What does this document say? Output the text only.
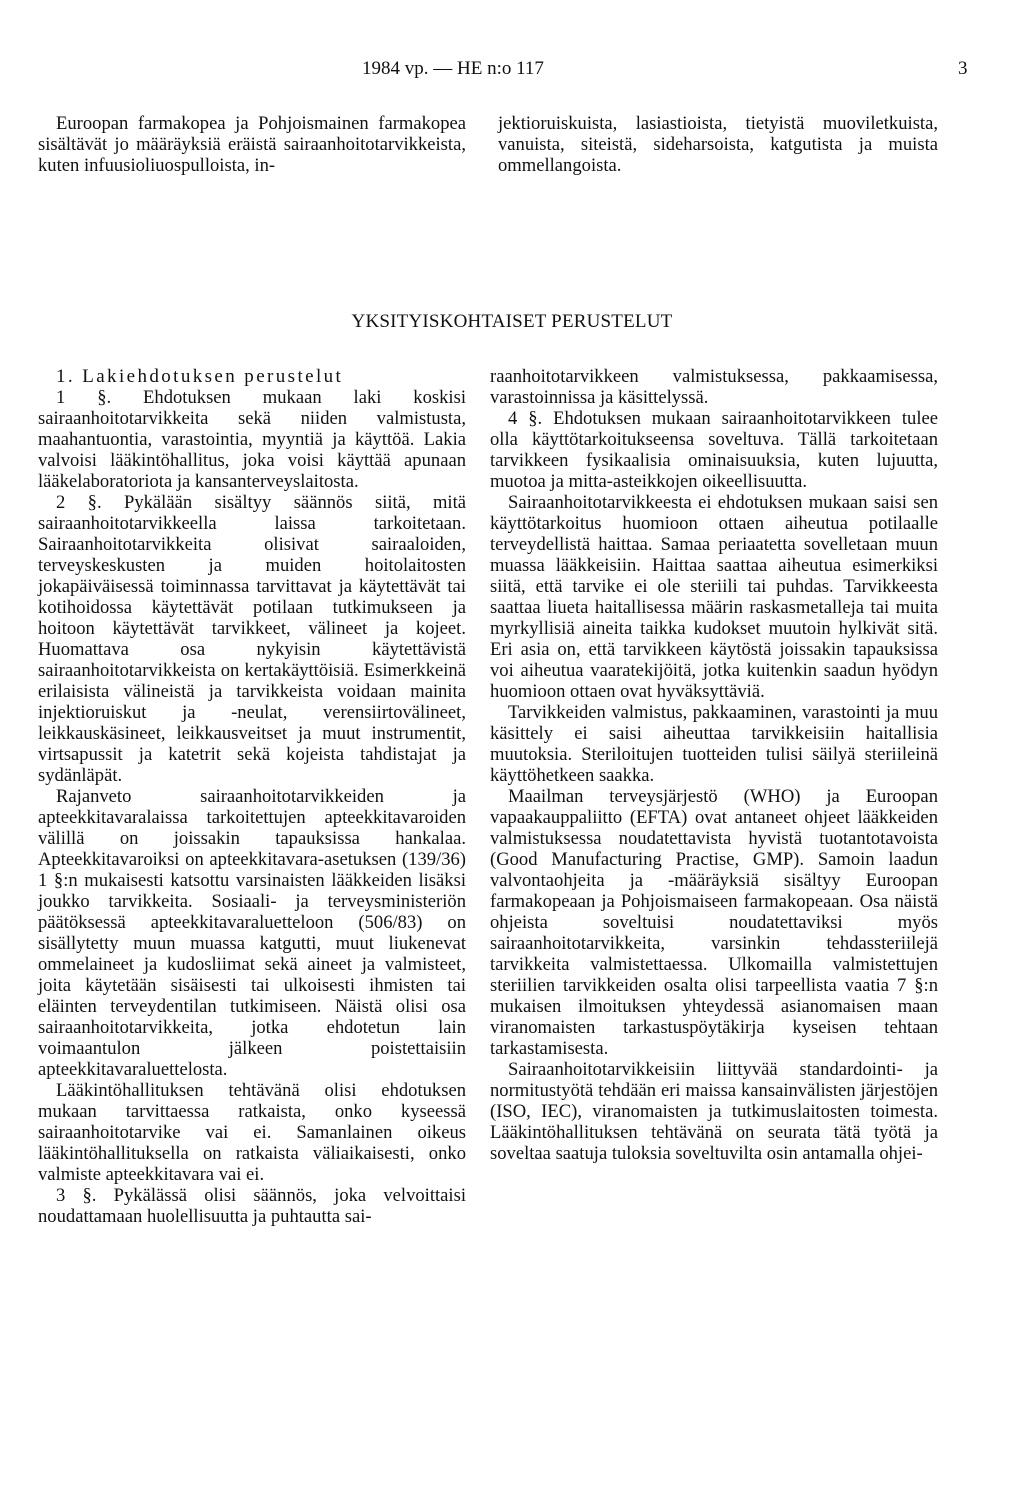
1984 vp. — HE n:o 117	3

Euroopan farmakopea ja Pohjoismainen farmakopea sisältävät jo määräyksiä eräistä sairaanhoitotarvikkeista, kuten infuusioliuospulloista, in-

jektioruiskuista, lasiastioista, tietyistä muoviletkuista, vanuista, siteistä, sideharsoista, katgutista ja muista ommellangoista.

YKSITYISKOHTAISET PERUSTELUT

1. Lakiehdotuksen perustelut

1 §. Ehdotuksen mukaan laki koskisi sairaanhoitotarvikkeita sekä niiden valmistusta, maahantuontia, varastointia, myyntiä ja käyttöä. Lakia valvoisi lääkintöhallitus, joka voisi käyttää apunaan lääkelaboratoriota ja kansanterveyslaitosta.

2 §. Pykälään sisältyy säännös siitä, mitä sairaanhoitotarvikkeella laissa tarkoitetaan. Sairaanhoitotarvikkeita olisivat sairaaloiden, terveyskeskusten ja muiden hoitolaitosten jokapäiväisessä toiminnassa tarvittavat ja käytettävät tai kotihoidossa käytettävät potilaan tutkimukseen ja hoitoon käytettävät tarvikkeet, välineet ja kojeet. Huomattava osa nykyisin käytettävistä sairaanhoitotarvikkeista on kertakäyttöisiä. Esimerkkeinä erilaisista välineistä ja tarvikkeista voidaan mainita injektioruiskut ja -neulat, verensiirtovälineet, leikkauskäsineet, leikkausveitset ja muut instrumentit, virtsapussit ja katetrit sekä kojeista tahdistajat ja sydänläpät.

Rajanveto sairaanhoitotarvikkeiden ja apteekkitavaralaissa tarkoitettujen apteekkitavaroiden välillä on joissakin tapauksissa hankalaa. Apteekkitavaroiksi on apteekkitavara-asetuksen (139/36) 1 §:n mukaisesti katsottu varsinaisten lääkkeiden lisäksi joukko tarvikkeita. Sosiaali- ja terveysministeriön päätöksessä apteekkitavaraluetteloon (506/83) on sisällytetty muun muassa katgutti, muut liukenevat ommelaineet ja kudosliimat sekä aineet ja valmisteet, joita käytetään sisäisesti tai ulkoisesti ihmisten tai eläinten terveydentilan tutkimiseen. Näistä olisi osa sairaanhoitotarvikkeita, jotka ehdotetun lain voimaantulon jälkeen poistettaisiin apteekkitavaraluettelosta.

Lääkintöhallituksen tehtävänä olisi ehdotuksen mukaan tarvittaessa ratkaista, onko kyseessä sairaanhoitotarvike vai ei. Samanlainen oikeus lääkintöhallituksella on ratkaista väliaikaisesti, onko valmiste apteekkitavara vai ei.

3 §. Pykälässä olisi säännös, joka velvoittaisi noudattamaan huolellisuutta ja puhtautta sai-

raanhoitotarvikkeen valmistuksessa, pakkaamisessa, varastoinnissa ja käsittelyssä.

4 §. Ehdotuksen mukaan sairaanhoitotarvikkeen tulee olla käyttötarkoitukseensa soveltuva. Tällä tarkoitetaan tarvikkeen fysikaalisia ominaisuuksia, kuten lujuutta, muotoa ja mitta-asteikkojen oikeellisuutta.

Sairaanhoitotarvikkeesta ei ehdotuksen mukaan saisi sen käyttötarkoitus huomioon ottaen aiheutua potilaalle terveydellistä haittaa. Samaa periaatetta sovelletaan muun muassa lääkkeisiin. Haittaa saattaa aiheutua esimerkiksi siitä, että tarvike ei ole steriili tai puhdas. Tarvikkeesta saattaa liueta haitallisessa määrin raskasmetalleja tai muita myrkyllisiä aineita taikka kudokset muutoin hylkivät sitä. Eri asia on, että tarvikkeen käytöstä joissakin tapauksissa voi aiheutua vaaratekijöitä, jotka kuitenkin saadun hyödyn huomioon ottaen ovat hyväksyttäviä.

Tarvikkeiden valmistus, pakkaaminen, varastointi ja muu käsittely ei saisi aiheuttaa tarvikkeisiin haitallisia muutoksia. Steriloitujen tuotteiden tulisi säilyä steriileinä käyttöhetkeen saakka.

Maailman terveysjärjestö (WHO) ja Euroopan vapaakauppaliitto (EFTA) ovat antaneet ohjeet lääkkeiden valmistuksessa noudatettavista hyvistä tuotantotavoista (Good Manufacturing Practise, GMP). Samoin laadun valvontaohjeita ja -määräyksiä sisältyy Euroopan farmakopeaan ja Pohjoismaiseen farmakopeaan. Osa näistä ohjeista soveltuisi noudatettaviksi myös sairaanhoitotarvikkeita, varsinkin tehdassteriilejä tarvikkeita valmistettaessa. Ulkomailla valmistettujen steriilien tarvikkeiden osalta olisi tarpeellista vaatia 7 §:n mukaisen ilmoituksen yhteydessä asianomaisen maan viranomaisten tarkastuspöytäkirja kyseisen tehtaan tarkastamisesta.

Sairaanhoitotarvikkeisiin liittyvää standardointi- ja normitustyötä tehdään eri maissa kansainvälisten järjestöjen (ISO, IEC), viranomaisten ja tutkimuslaitosten toimesta. Lääkintöhallituksen tehtävänä on seurata tätä työtä ja soveltaa saatuja tuloksia soveltuvilta osin antamalla ohjei-
